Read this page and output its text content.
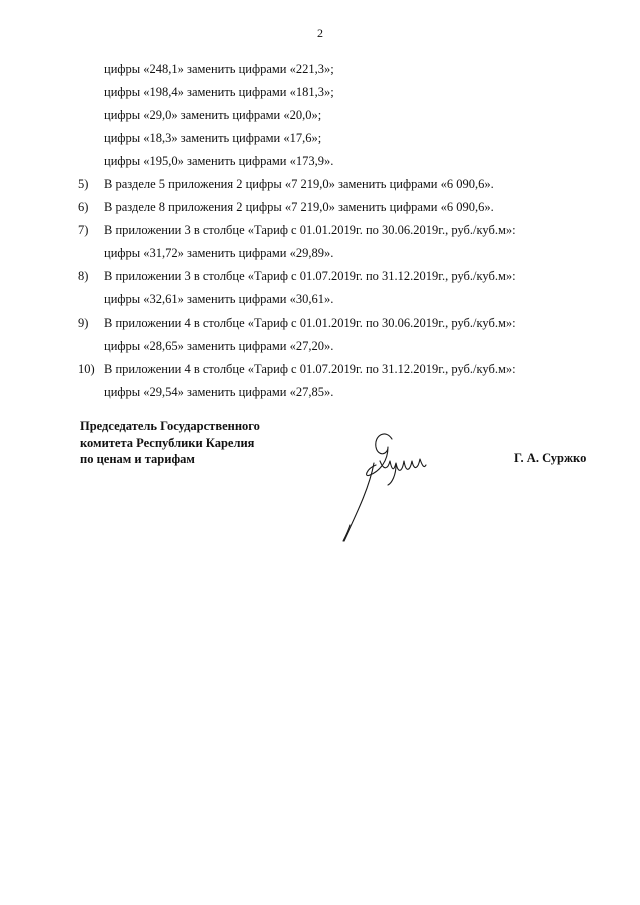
2
цифры «248,1» заменить цифрами «221,3»;
цифры «198,4» заменить цифрами «181,3»;
цифры «29,0» заменить цифрами «20,0»;
цифры «18,3» заменить цифрами «17,6»;
цифры «195,0» заменить цифрами «173,9».
5) В разделе 5 приложения 2 цифры «7 219,0» заменить цифрами «6 090,6».
6) В разделе 8 приложения 2 цифры «7 219,0» заменить цифрами «6 090,6».
7) В приложении 3 в столбце «Тариф с 01.01.2019г. по 30.06.2019г., руб./куб.м»:
цифры «31,72» заменить цифрами «29,89».
8) В приложении 3 в столбце «Тариф с 01.07.2019г. по 31.12.2019г., руб./куб.м»:
цифры «32,61» заменить цифрами «30,61».
9) В приложении 4 в столбце «Тариф с 01.01.2019г. по 30.06.2019г., руб./куб.м»:
цифры «28,65» заменить цифрами «27,20».
10) В приложении 4 в столбце «Тариф с 01.07.2019г. по 31.12.2019г., руб./куб.м»:
цифры «29,54» заменить цифрами «27,85».
Председатель Государственного
комитета Республики Карелия
по ценам и тарифам	Г. А. Суржко
